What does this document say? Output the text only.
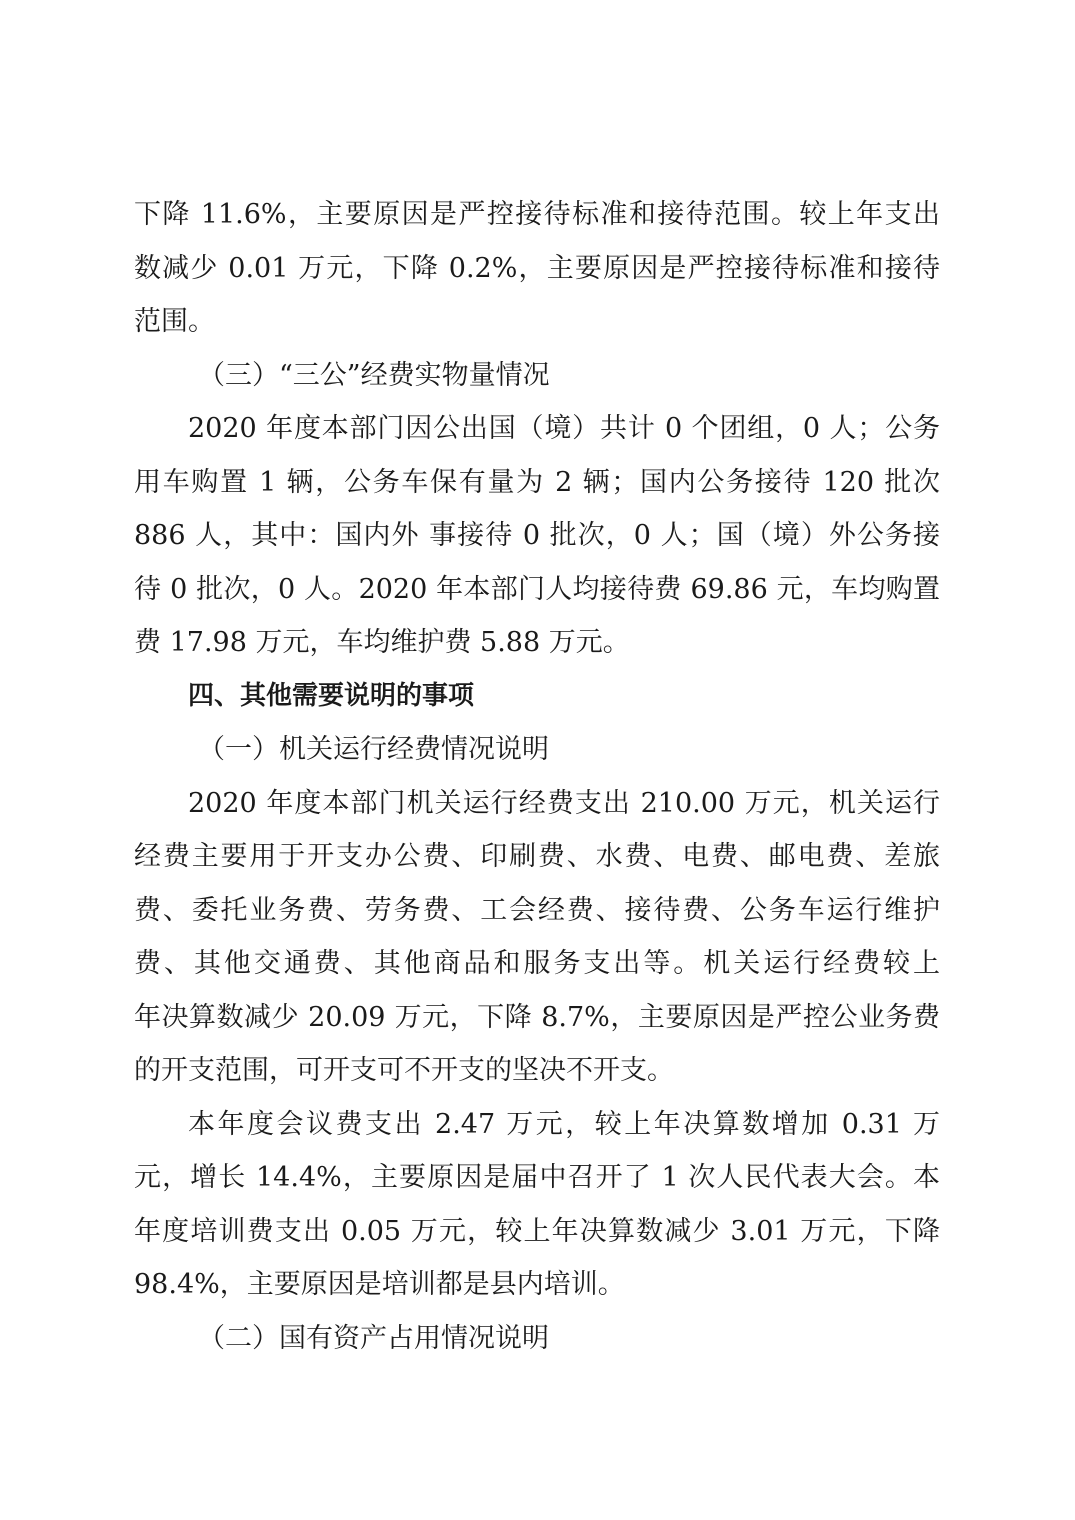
下降 11.6%，主要原因是严控接待标准和接待范围。较上年支出
数减少 0.01 万元，下降 0.2%，主要原因是严控接待标准和接待
范围。
（三）“三公”经费实物量情况
2020 年度本部门因公出国（境）共计 0 个团组，0 人；公务
用车购置 1 辆，公务车保有量为 2 辆；国内公务接待 120 批次
886 人，其中：国内外 事接待 0 批次，0 人；国（境）外公务接
待 0 批次，0 人。2020 年本部门人均接待费 69.86 元，车均购置
费 17.98 万元，车均维护费 5.88 万元。
四、其他需要说明的事项
（一）机关运行经费情况说明
2020 年度本部门机关运行经费支出 210.00 万元，机关运行
经费主要用于开支办公费、印刷费、水费、电费、邮电费、差旅
费、委托业务费、劳务费、工会经费、接待费、公务车运行维护
费、其他交通费、其他商品和服务支出等。机关运行经费较上
年决算数减少 20.09 万元，下降 8.7%，主要原因是严控公业务费
的开支范围，可开支可不开支的坚决不开支。
本年度会议费支出 2.47 万元，较上年决算数增加 0.31 万
元，增长 14.4%，主要原因是届中召开了 1 次人民代表大会。本
年度培训费支出 0.05 万元，较上年决算数减少 3.01 万元，下降
98.4%，主要原因是培训都是县内培训。
（二）国有资产占用情况说明
